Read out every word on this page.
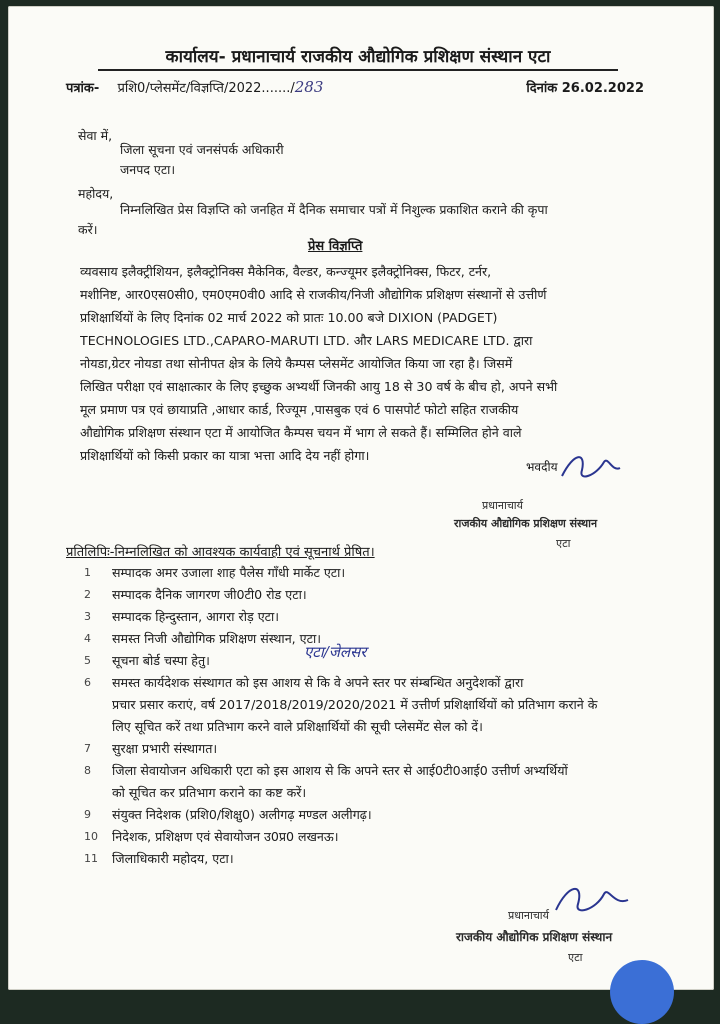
कार्यालय- प्रधानाचार्य राजकीय औद्योगिक प्रशिक्षण संस्थान एटा
पत्रांक- प्रशि0/प्लेसमेंट/विज्ञप्ति/2022......./283	दिनांक 26.02.2022
सेवा में,
जिला सूचना एवं जनसंपर्क अधिकारी
जनपद एटा।
महोदय,
निम्नलिखित प्रेस विज्ञप्ति को जनहित में दैनिक समाचार पत्रों में निशुल्क प्रकाशित कराने की कृपा
करें।
प्रेस विज्ञप्ति

व्यवसाय इलैक्ट्रीशियन, इलैक्ट्रोनिक्स मैकेनिक, वैल्डर, कन्ज्यूमर इलैक्ट्रोनिक्स, फिटर, टर्नर,

मशीनिष्ट, आर0एस0सी0, एम0एम0वी0 आदि से राजकीय/निजी औद्योगिक प्रशिक्षण संस्थानों से उत्तीर्ण

प्रशिक्षार्थियों के लिए दिनांक 02 मार्च 2022 को प्रातः 10.00 बजे DIXION (PADGET)

TECHNOLOGIES LTD.,CAPARO-MARUTI LTD. और LARS MEDICARE LTD. द्वारा

नोयडा,ग्रेटर नोयडा तथा सोनीपत क्षेत्र के लिये कैम्पस प्लेसमेंट आयोजित किया जा रहा है। जिसमें

लिखित परीक्षा एवं साक्षात्कार के लिए इच्छुक अभ्यर्थी जिनकी आयु 18 से 30 वर्ष के बीच हो, अपने सभी

मूल प्रमाण पत्र एवं छायाप्रति ,आधार कार्ड, रिज्यूम ,पासबुक एवं 6 पासपोर्ट फोटो सहित राजकीय

औद्योगिक प्रशिक्षण संस्थान एटा में आयोजित कैम्पस चयन में भाग ले सकते हैं। सम्मिलित होने वाले

प्रशिक्षार्थियों को किसी प्रकार का यात्रा भत्ता आदि देय नहीं होगा।

भवदीय
प्रधानाचार्य
राजकीय औद्योगिक प्रशिक्षण संस्थान
एटा
प्रतिलिपिः-निम्नलिखित को आवश्यक कार्यवाही एवं सूचनार्थ प्रेषित।
1	सम्पादक अमर उजाला शाह पैलेस गाँधी मार्केट एटा।
2	सम्पादक दैनिक जागरण जी0टी0 रोड एटा।
3	सम्पादक हिन्दुस्तान, आगरा रोड़ एटा।
4	समस्त निजी औद्योगिक प्रशिक्षण संस्थान, एटा।
5	सूचना बोर्ड चस्पा हेतु।
6	समस्त कार्यदेशक संस्थागत को इस आशय से कि वे अपने स्तर पर संम्बन्धित अनुदेशकों द्वारा
प्रचार प्रसार कराएं, वर्ष 2017/2018/2019/2020/2021 में उत्तीर्ण प्रशिक्षार्थियों को प्रतिभाग कराने के
लिए सूचित करें तथा प्रतिभाग करने वाले प्रशिक्षार्थियों की सूची प्लेसमेंट सेल को दें।
7	सुरक्षा प्रभारी संस्थागत।
8	जिला सेवायोजन अधिकारी एटा को इस आशय से कि अपने स्तर से आई0टी0आई0 उत्तीर्ण अभ्यर्थियों
को सूचित कर प्रतिभाग कराने का कष्ट करें।
9	संयुक्त निदेशक (प्रशि0/शिक्षु0) अलीगढ़ मण्डल अलीगढ़।
10	निदेशक, प्रशिक्षण एवं सेवायोजन उ0प्र0 लखनऊ।
11	जिलाधिकारी महोदय, एटा।
एटा/जेलसर
प्रधानाचार्य
राजकीय औद्योगिक प्रशिक्षण संस्थान
एटा
